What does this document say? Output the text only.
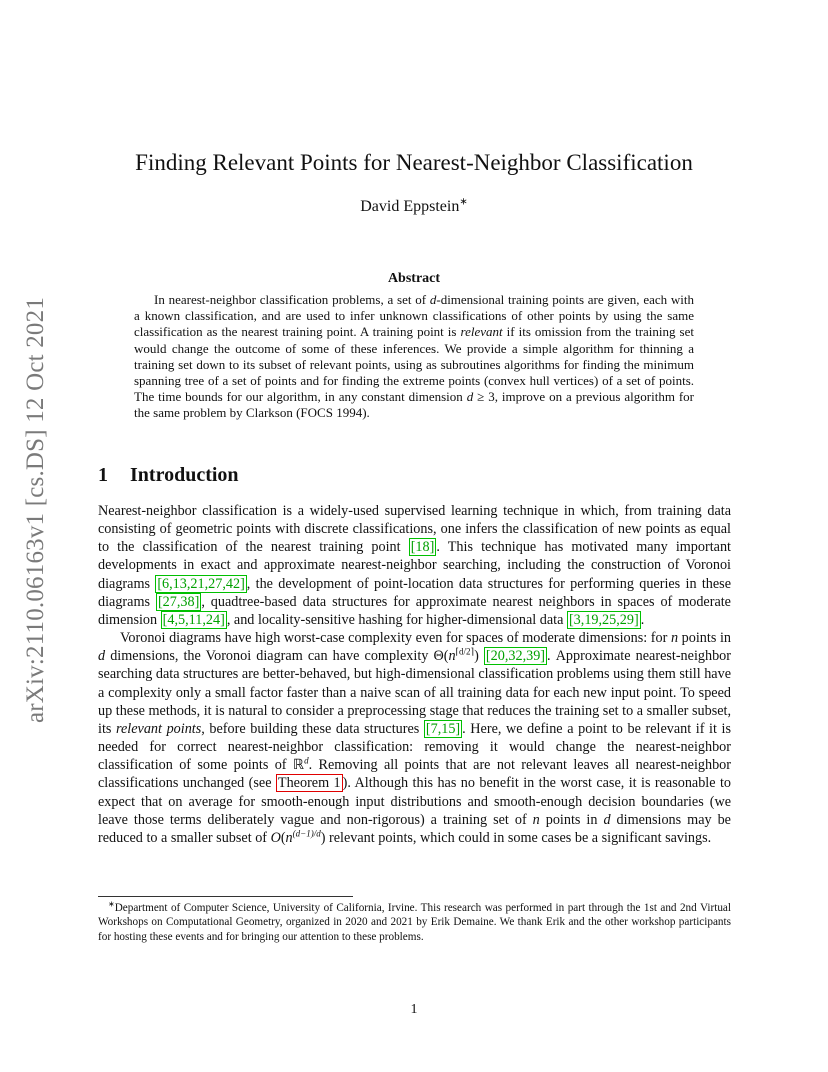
arXiv:2110.06163v1 [cs.DS] 12 Oct 2021
Finding Relevant Points for Nearest-Neighbor Classification
David Eppstein∗
Abstract

In nearest-neighbor classification problems, a set of d-dimensional training points are given, each with a known classification, and are used to infer unknown classifications of other points by using the same classification as the nearest training point. A training point is relevant if its omission from the training set would change the outcome of some of these inferences. We provide a simple algorithm for thinning a training set down to its subset of relevant points, using as subroutines algorithms for finding the minimum spanning tree of a set of points and for finding the extreme points (convex hull vertices) of a set of points. The time bounds for our algorithm, in any constant dimension d ≥ 3, improve on a previous algorithm for the same problem by Clarkson (FOCS 1994).

1 Introduction

Nearest-neighbor classification is a widely-used supervised learning technique in which, from training data consisting of geometric points with discrete classifications, one infers the classification of new points as equal to the classification of the nearest training point [18] . This technique has motivated many important developments in exact and approximate nearest-neighbor searching, including the construction of Voronoi diagrams [6,13,21,27,42] , the development of point-location data structures for performing queries in these diagrams [27,38] , quadtree-based data structures for approximate nearest neighbors in spaces of moderate dimension [4,5,11,24] , and locality-sensitive hashing for higher-dimensional data [3,19,25,29] .

Voronoi diagrams have high worst-case complexity even for spaces of moderate dimensions: for n points in d dimensions, the Voronoi diagram can have complexity $\Theta(n^{⌈d/2⌉})$ [20,32,39] . Approximate nearest-neighbor searching data structures are better-behaved, but high-dimensional classification problems using them still have a complexity only a small factor faster than a naive scan of all training data for each new input point. To speed up these methods, it is natural to consider a preprocessing stage that reduces the training set to a smaller subset, its relevant points, before building these data structures [7,15] . Here, we define a point to be relevant if it is needed for correct nearest-neighbor classification: removing it would change the nearest-neighbor classification of some points of ℝ$^d$. Removing all points that are not relevant leaves all nearest-neighbor classifications unchanged (see Theorem 1 ). Although this has no benefit in the worst case, it is reasonable to expect that on average for smooth-enough input distributions and smooth-enough decision boundaries (we leave those terms deliberately vague and non-rigorous) a training set of n points in d dimensions may be reduced to a smaller subset of $O(n^{(d-1)/d})$ relevant points, which could in some cases be a significant savings.

∗Department of Computer Science, University of California, Irvine. This research was performed in part through the 1st and 2nd Virtual Workshops on Computational Geometry, organized in 2020 and 2021 by Erik Demaine. We thank Erik and the other workshop participants for hosting these events and for bringing our attention to these problems.

1
